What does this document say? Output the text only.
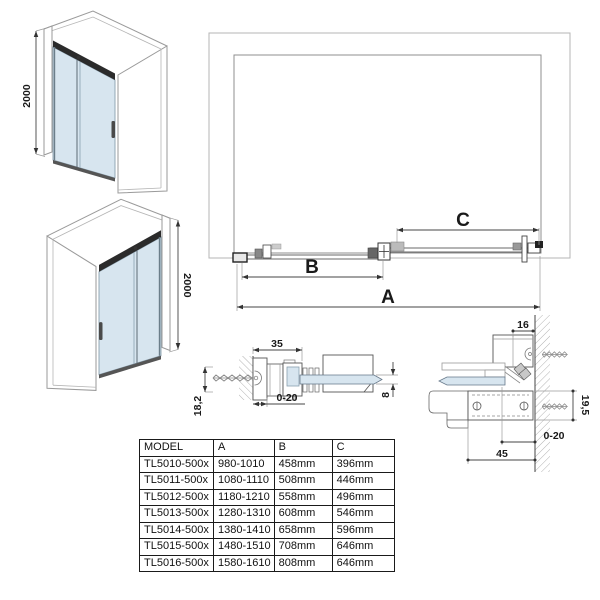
2000
2000
C
B
A
35
0-20
18,2
8
16
19,5
0-20
45
MODEL	A	B	C
TL5010-500x	980-1010	458mm	396mm
TL5011-500x	1080-1110	508mm	446mm
TL5012-500x	1180-1210	558mm	496mm
TL5013-500x	1280-1310	608mm	546mm
TL5014-500x	1380-1410	658mm	596mm
TL5015-500x	1480-1510	708mm	646mm
TL5016-500x	1580-1610	808mm	646mm
